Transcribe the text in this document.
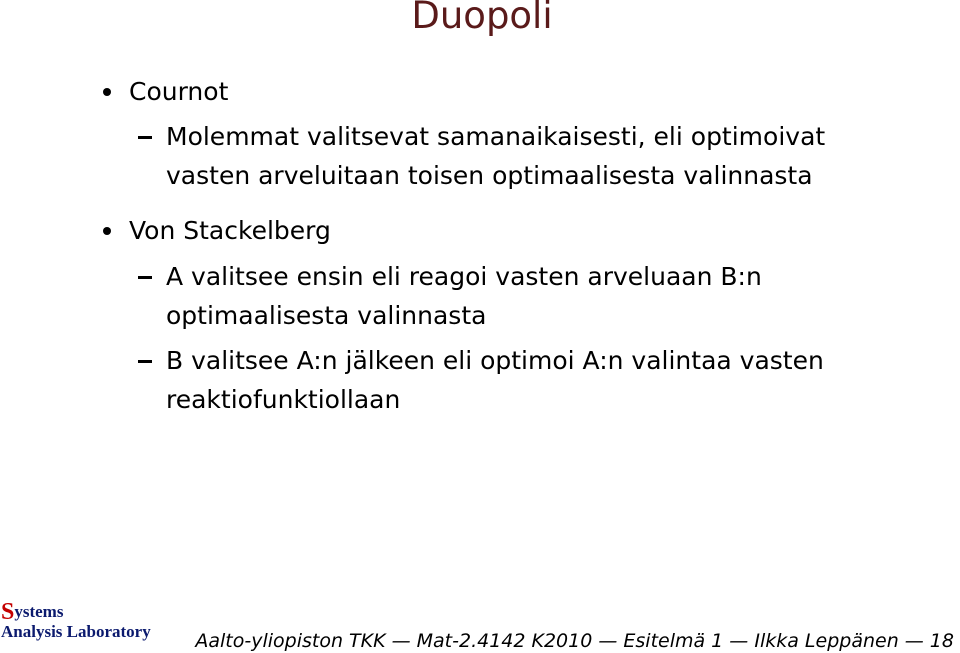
Duopoli
Cournot
Molemmat valitsevat samanaikaisesti, eli optimoivat
vasten arveluitaan toisen optimaalisesta valinnasta
Von Stackelberg
A valitsee ensin eli reagoi vasten arveluaan B:n
optimaalisesta valinnasta
B valitsee A:n jälkeen eli optimoi A:n valintaa vasten
reaktiofunktiollaan
Systems
Analysis Laboratory Aalto-yliopiston TKK — Mat-2.4142 K2010 — Esitelmä 1 — Ilkka Leppänen — 18
